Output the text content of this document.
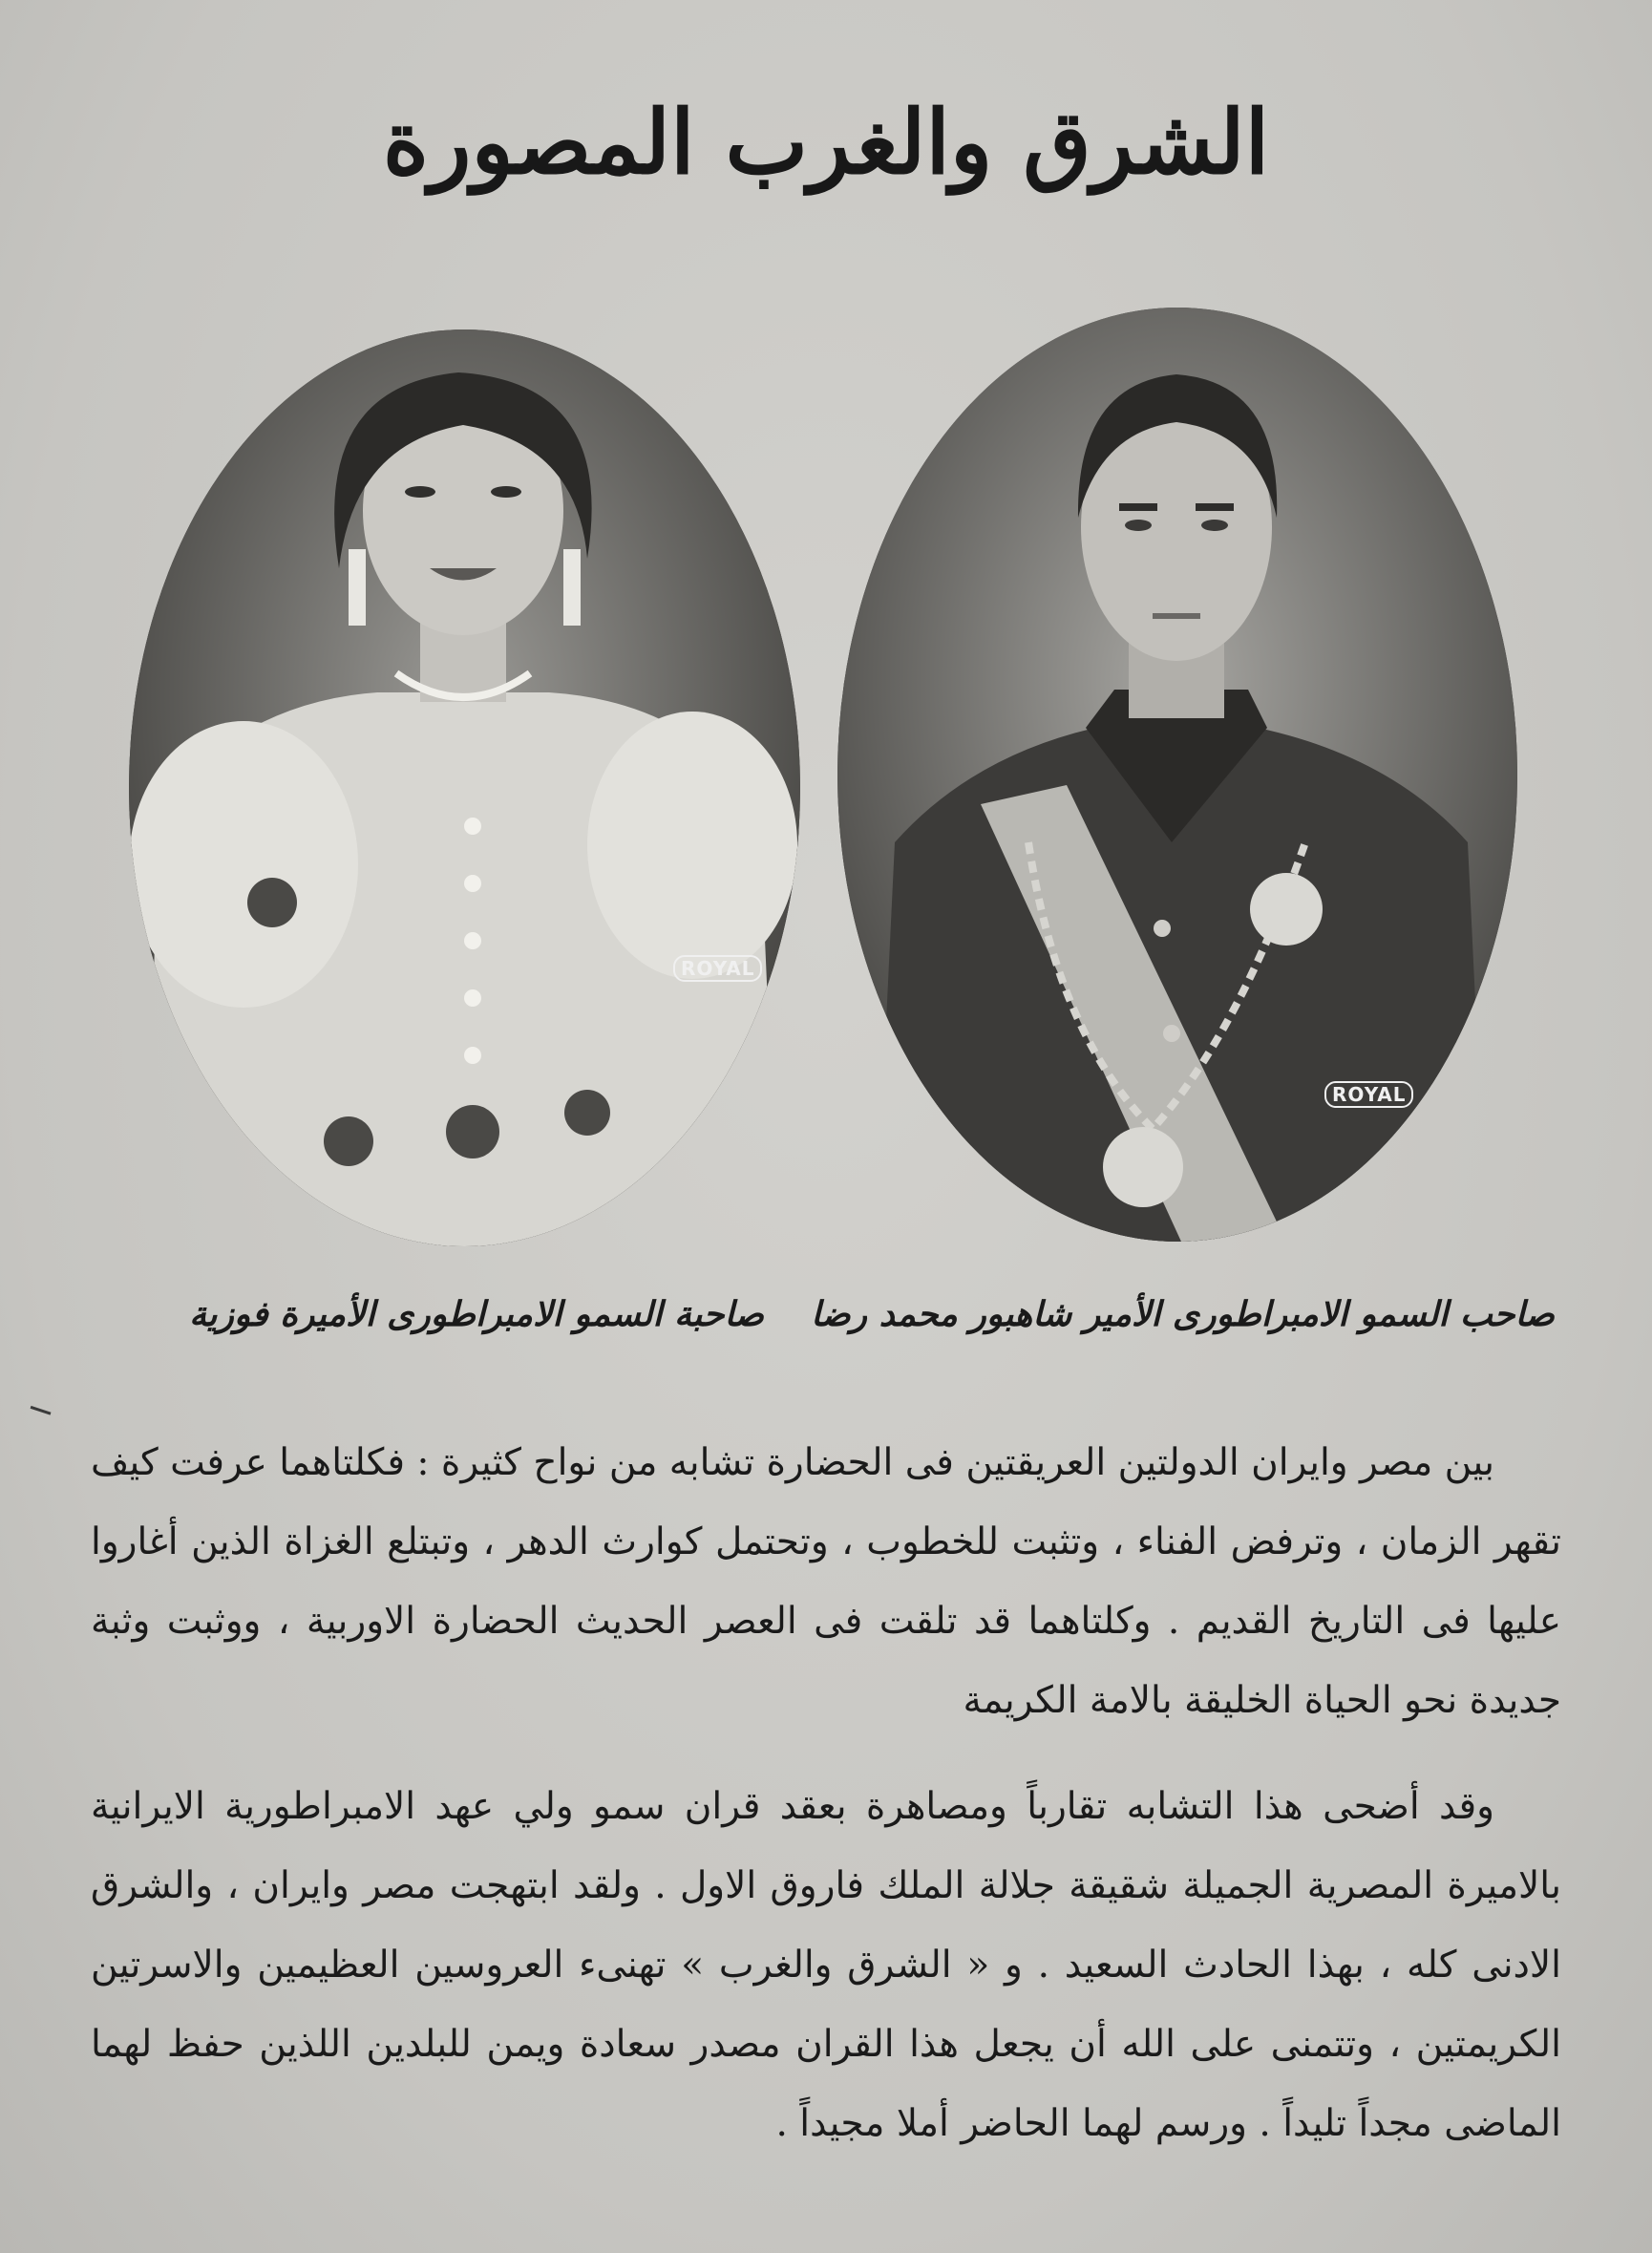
الشرق والغرب المصورة
ROYAL
ROYAL
صاحب السمو الامبراطورى الأمير شاهبور محمد رضا
صاحبة السمو الامبراطورى الأميرة فوزية
بين مصر وايران الدولتين العريقتين فى الحضارة تشابه من نواح كثيرة : فكلتاهما عرفت كيف تقهر الزمان ، وترفض الفناء ، وتثبت للخطوب ، وتحتمل كوارث الدهر ، وتبتلع الغزاة الذين أغاروا عليها فى التاريخ القديم . وكلتاهما قد تلقت فى العصر الحديث الحضارة الاوربية ، ووثبت وثبة جديدة نحو الحياة الخليقة بالامة الكريمة
وقد أضحى هذا التشابه تقارباً ومصاهرة بعقد قران سمو ولي عهد الامبراطورية الايرانية بالاميرة المصرية الجميلة شقيقة جلالة الملك فاروق الاول . ولقد ابتهجت مصر وايران ، والشرق الادنى كله ، بهذا الحادث السعيد . و « الشرق والغرب » تهنىء العروسين العظيمين والاسرتين الكريمتين ، وتتمنى على الله أن يجعل هذا القران مصدر سعادة ويمن للبلدين اللذين حفظ لهما الماضى مجداً تليداً . ورسم لهما الحاضر أملا مجيداً .
